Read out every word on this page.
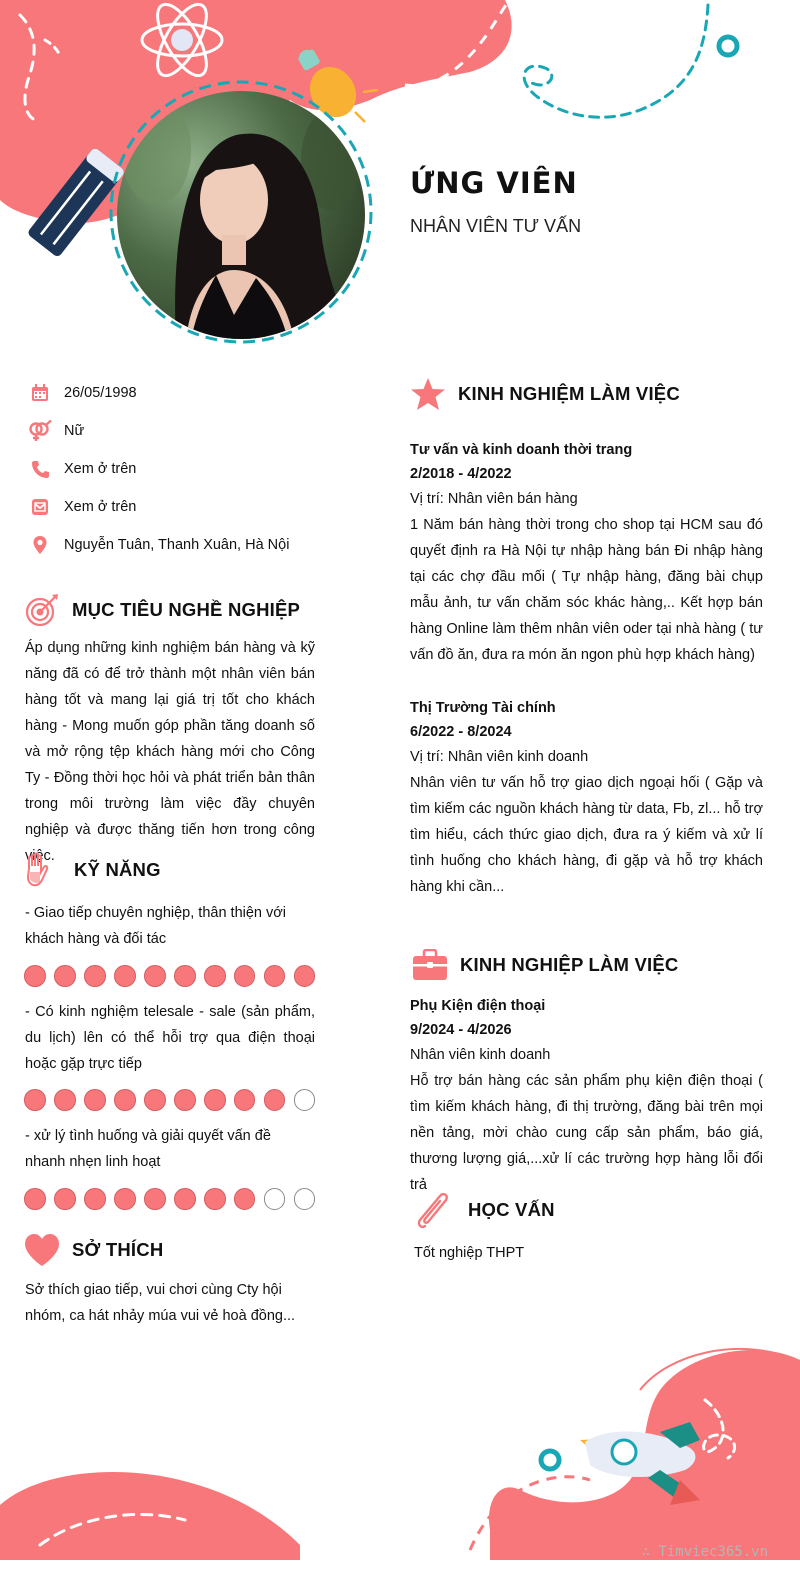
ỨNG VIÊN
NHÂN VIÊN TƯ VẤN
26/05/1998
Nữ
Xem ở trên
Xem ở trên
Nguyễn Tuân, Thanh Xuân, Hà Nội
MỤC TIÊU NGHỀ NGHIỆP
Áp dụng những kinh nghiệm bán hàng và kỹ năng đã có để trở thành một nhân viên bán hàng tốt và mang lại giá trị tốt cho khách hàng - Mong muốn góp phần tăng doanh số và mở rộng tệp khách hàng mới cho Công Ty - Đồng thời học hỏi và phát triển bản thân trong môi trường làm việc đầy chuyên nghiệp và được thăng tiến hơn trong công việc.
KỸ NĂNG
- Giao tiếp chuyên nghiệp, thân thiện với khách hàng và đối tác
- Có kinh nghiệm telesale - sale (sản phẩm, du lịch) lên có thể hỗi trợ qua điện thoại hoặc gặp trực tiếp
- xử lý tình huống và giải quyết vấn đề nhanh nhẹn linh hoạt
SỞ THÍCH
Sở thích giao tiếp, vui chơi cùng Cty hội nhóm, ca hát nhảy múa vui vẻ hoà đồng...
KINH NGHIỆM LÀM VIỆC
Tư vấn và kinh doanh thời trang
2/2018 - 4/2022
Vị trí: Nhân viên bán hàng
1 Năm bán hàng thời trong cho shop tại HCM sau đó quyết định ra Hà Nội tự nhập hàng bán Đi nhập hàng tại các chợ đầu mối ( Tự nhập hàng, đăng bài chụp mẫu ảnh, tư vấn chăm sóc khác hàng,.. Kết hợp bán hàng Online làm thêm nhân viên oder tại nhà hàng ( tư vấn đồ ăn, đưa ra món ăn ngon phù hợp khách hàng)
Thị Trường Tài chính
6/2022 - 8/2024
Vị trí: Nhân viên kinh doanh
Nhân viên tư vấn hỗ trợ giao dịch ngoại hối ( Gặp và tìm kiếm các nguồn khách hàng từ data, Fb, zl... hỗ trợ tìm hiểu, cách thức giao dịch, đưa ra ý kiếm và xử lí tình huống cho khách hàng, đi gặp và hỗ trợ khách hàng khi cần...
KINH NGHIỆP LÀM VIỆC
Phụ Kiện điện thoại
9/2024 - 4/2026
Nhân viên kinh doanh
Hỗ trợ bán hàng các sản phẩm phụ kiện điện thoại ( tìm kiếm khách hàng, đi thị trường, đăng bài trên mọi nền tảng, mời chào cung cấp sản phẩm, báo giá, thương lượng giá,...xử lí các trường hợp hàng lỗi đổi trả
HỌC VẤN
Tốt nghiệp THPT
∴ Timviec365.vn
